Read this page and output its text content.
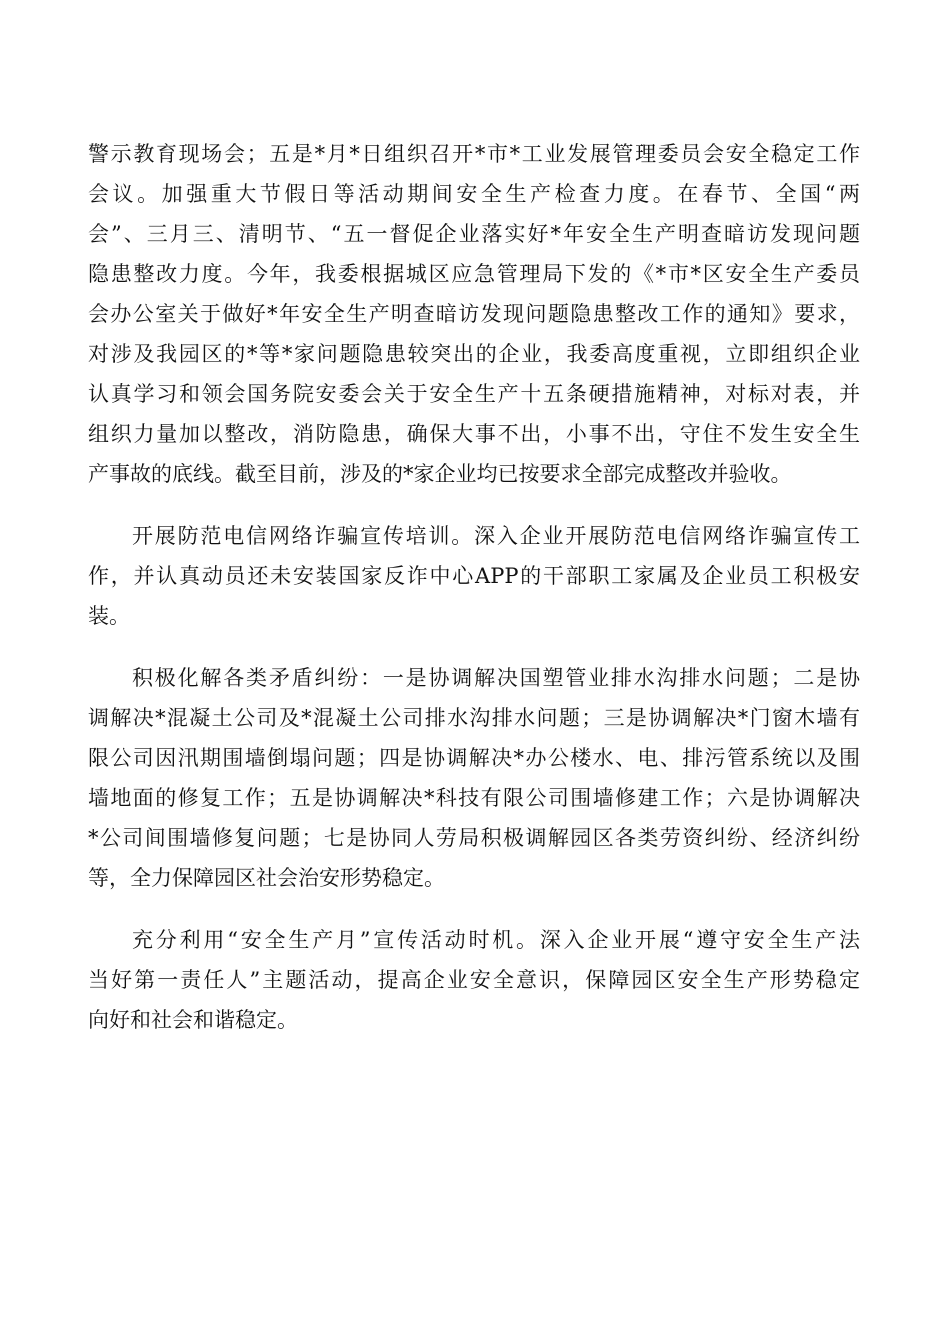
警示教育现场会；五是*月*日组织召开*市*工业发展管理委员会安全稳定工作
会议。加强重大节假日等活动期间安全生产检查力度。在春节、全国“两
会”、三月三、清明节、“五一督促企业落实好*年安全生产明查暗访发现问题
隐患整改力度。今年，我委根据城区应急管理局下发的《*市*区安全生产委员
会办公室关于做好*年安全生产明查暗访发现问题隐患整改工作的通知》要求，
对涉及我园区的*等*家问题隐患较突出的企业，我委高度重视，立即组织企业
认真学习和领会国务院安委会关于安全生产十五条硬措施精神，对标对表，并
组织力量加以整改，消防隐患，确保大事不出，小事不出，守住不发生安全生
产事故的底线。截至目前，涉及的*家企业均已按要求全部完成整改并验收。
开展防范电信网络诈骗宣传培训。深入企业开展防范电信网络诈骗宣传工
作，并认真动员还未安装国家反诈中心APP的干部职工家属及企业员工积极安
装。
积极化解各类矛盾纠纷：一是协调解决国塑管业排水沟排水问题；二是协
调解决*混凝土公司及*混凝土公司排水沟排水问题；三是协调解决*门窗木墙有
限公司因汛期围墙倒塌问题；四是协调解决*办公楼水、电、排污管系统以及围
墙地面的修复工作；五是协调解决*科技有限公司围墙修建工作；六是协调解决
*公司间围墙修复问题；七是协同人劳局积极调解园区各类劳资纠纷、经济纠纷
等，全力保障园区社会治安形势稳定。
充分利用“安全生产月”宣传活动时机。深入企业开展“遵守安全生产法
当好第一责任人”主题活动，提高企业安全意识，保障园区安全生产形势稳定
向好和社会和谐稳定。
